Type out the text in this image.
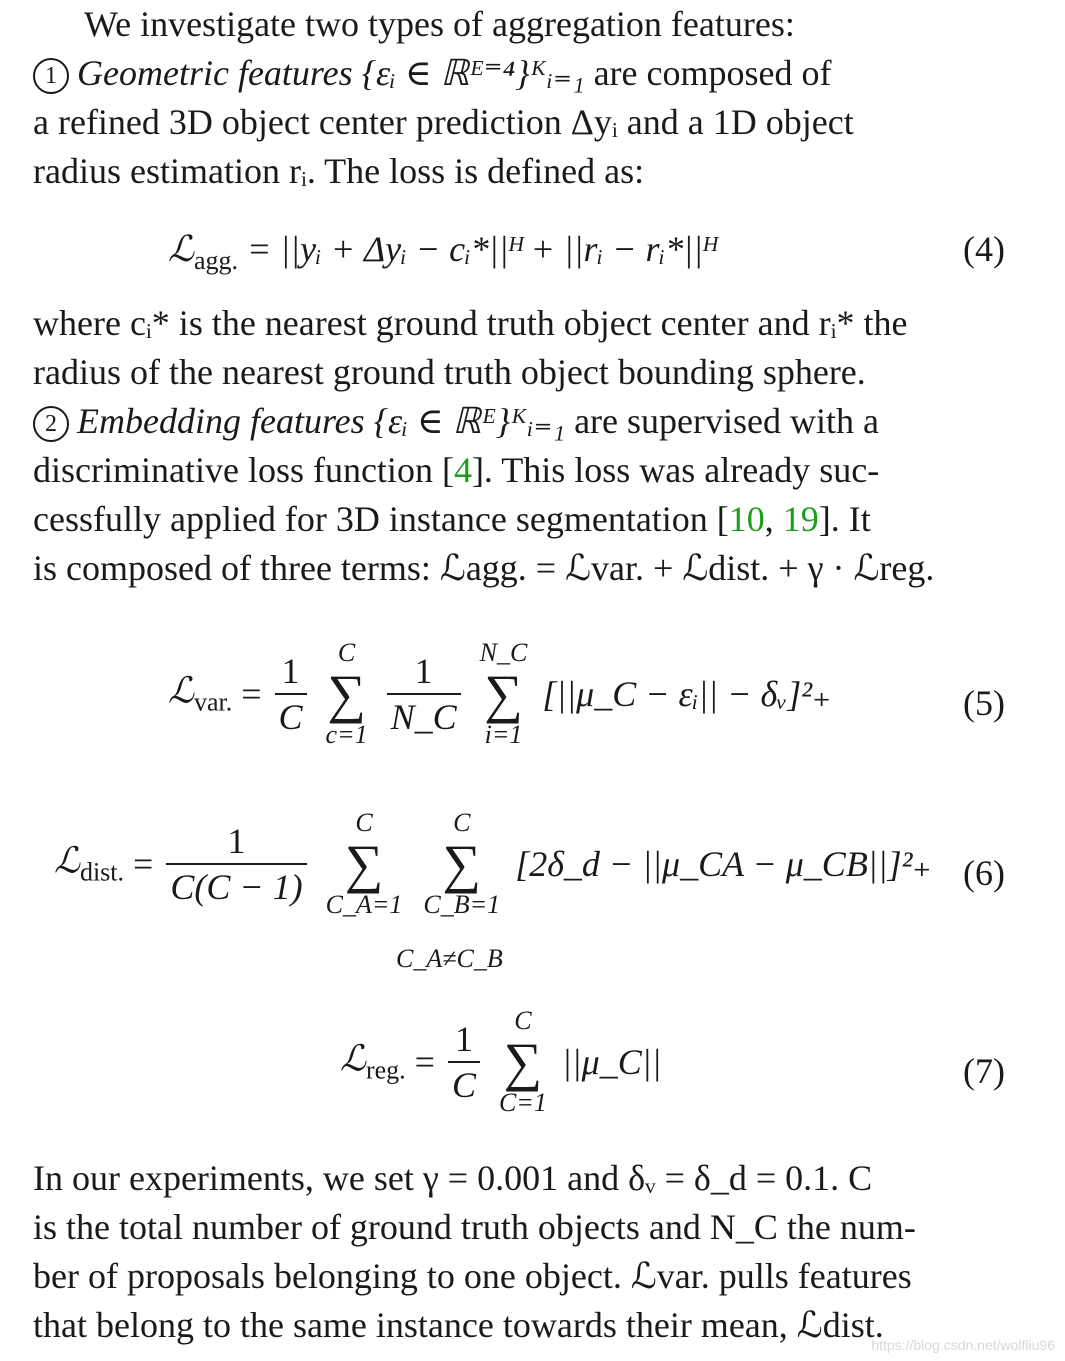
We investigate two types of aggregation features:
1 Geometric features {εᵢ ∈ ℝᴱ⁼⁴}ᴷᵢ₌₁ are composed of
a refined 3D object center prediction Δyᵢ and a 1D object
radius estimation rᵢ. The loss is defined as:
ℒ$_{agg.}$ = ||yᵢ + Δyᵢ − cᵢ*||ᴴ + ||rᵢ − rᵢ*||ᴴ	(4)
where cᵢ* is the nearest ground truth object center and rᵢ* the
radius of the nearest ground truth object bounding sphere.
2 Embedding features {εᵢ ∈ ℝᴱ}ᴷᵢ₌₁ are supervised with a
discriminative loss function [4]. This loss was already suc-
cessfully applied for 3D instance segmentation [10, 19]. It
is composed of three terms: ℒagg. = ℒvar. + ℒdist. + γ · ℒreg.
ℒ$_{var.}$ = $\frac{1}{C}$
	C
∑
c=1
$\frac{1}{N\_C}$
N_C
∑
i=1
[||μ_C − εᵢ|| − δᵥ]²₊	(5)
ℒ$_{dist.}$ = $\frac{1}{C(C - 1)}$
	C
∑
C_A=1

C
∑
C_B=1
[2δ_d − ||μ_CA − μ_CB||]²₊
C_A≠C_B
(6)
ℒ$_{reg.}$ = $\frac{1}{C}$
	C
∑
C=1
||μ_C||	(7)
In our experiments, we set γ = 0.001 and δᵥ = δ_d = 0.1. C
is the total number of ground truth objects and N_C the num-
ber of proposals belonging to one object. ℒvar. pulls features
that belong to the same instance towards their mean, ℒdist.
https://blog.csdn.net/wolfliu96
